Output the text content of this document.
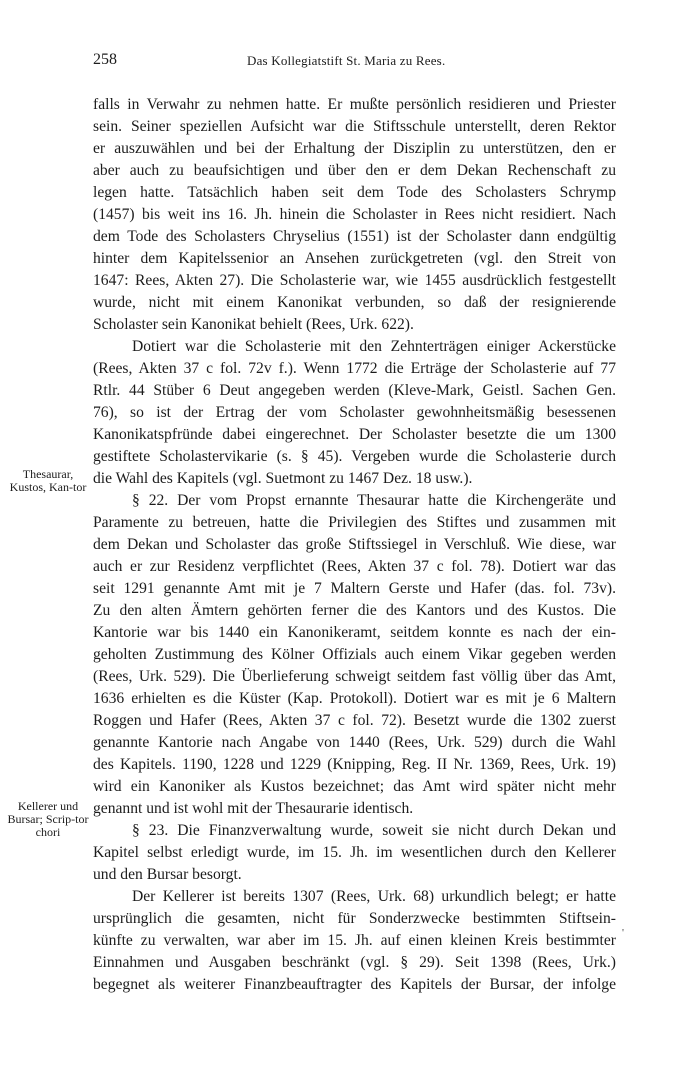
258	Das Kollegiatstift St. Maria zu Rees.
Thesaurar, Kustos, Kan-tor
Kellerer und Bursar; Scrip-tor chori
falls in Verwahr zu nehmen hatte. Er mußte persönlich residieren und Priester
sein. Seiner speziellen Aufsicht war die Stiftsschule unterstellt, deren Rektor
er auszuwählen und bei der Erhaltung der Disziplin zu unterstützen, den er
aber auch zu beaufsichtigen und über den er dem Dekan Rechenschaft zu
legen hatte. Tatsächlich haben seit dem Tode des Scholasters Schrymp
(1457) bis weit ins 16. Jh. hinein die Scholaster in Rees nicht residiert. Nach
dem Tode des Scholasters Chryselius (1551) ist der Scholaster dann endgültig
hinter dem Kapitelssenior an Ansehen zurückgetreten (vgl. den Streit von
1647: Rees, Akten 27). Die Scholasterie war, wie 1455 ausdrücklich festgestellt
wurde, nicht mit einem Kanonikat verbunden, so daß der resignierende
Scholaster sein Kanonikat behielt (Rees, Urk. 622).
Dotiert war die Scholasterie mit den Zehnterträgen einiger Ackerstücke
(Rees, Akten 37 c fol. 72v f.). Wenn 1772 die Erträge der Scholasterie auf 77
Rtlr. 44 Stüber 6 Deut angegeben werden (Kleve-Mark, Geistl. Sachen Gen.
76), so ist der Ertrag der vom Scholaster gewohnheitsmäßig besessenen
Kanonikatspfründe dabei eingerechnet. Der Scholaster besetzte die um 1300
gestiftete Scholastervikarie (s. § 45). Vergeben wurde die Scholasterie durch
die Wahl des Kapitels (vgl. Suetmont zu 1467 Dez. 18 usw.).
§ 22. Der vom Propst ernannte Thesaurar hatte die Kirchengeräte und
Paramente zu betreuen, hatte die Privilegien des Stiftes und zusammen mit
dem Dekan und Scholaster das große Stiftssiegel in Verschluß. Wie diese, war
auch er zur Residenz verpflichtet (Rees, Akten 37 c fol. 78). Dotiert war das
seit 1291 genannte Amt mit je 7 Maltern Gerste und Hafer (das. fol. 73v).
Zu den alten Ämtern gehörten ferner die des Kantors und des Kustos. Die
Kantorie war bis 1440 ein Kanonikeramt, seitdem konnte es nach der ein-
geholten Zustimmung des Kölner Offizials auch einem Vikar gegeben werden
(Rees, Urk. 529). Die Überlieferung schweigt seitdem fast völlig über das Amt,
1636 erhielten es die Küster (Kap. Protokoll). Dotiert war es mit je 6 Maltern
Roggen und Hafer (Rees, Akten 37 c fol. 72). Besetzt wurde die 1302 zuerst
genannte Kantorie nach Angabe von 1440 (Rees, Urk. 529) durch die Wahl
des Kapitels. 1190, 1228 und 1229 (Knipping, Reg. II Nr. 1369, Rees, Urk. 19)
wird ein Kanoniker als Kustos bezeichnet; das Amt wird später nicht mehr
genannt und ist wohl mit der Thesaurarie identisch.
§ 23. Die Finanzverwaltung wurde, soweit sie nicht durch Dekan und
Kapitel selbst erledigt wurde, im 15. Jh. im wesentlichen durch den Kellerer
und den Bursar besorgt.
Der Kellerer ist bereits 1307 (Rees, Urk. 68) urkundlich belegt; er hatte
ursprünglich die gesamten, nicht für Sonderzwecke bestimmten Stiftsein-
künfte zu verwalten, war aber im 15. Jh. auf einen kleinen Kreis bestimmter
Einnahmen und Ausgaben beschränkt (vgl. § 29). Seit 1398 (Rees, Urk.)
begegnet als weiterer Finanzbeauftragter des Kapitels der Bursar, der infolge
'
